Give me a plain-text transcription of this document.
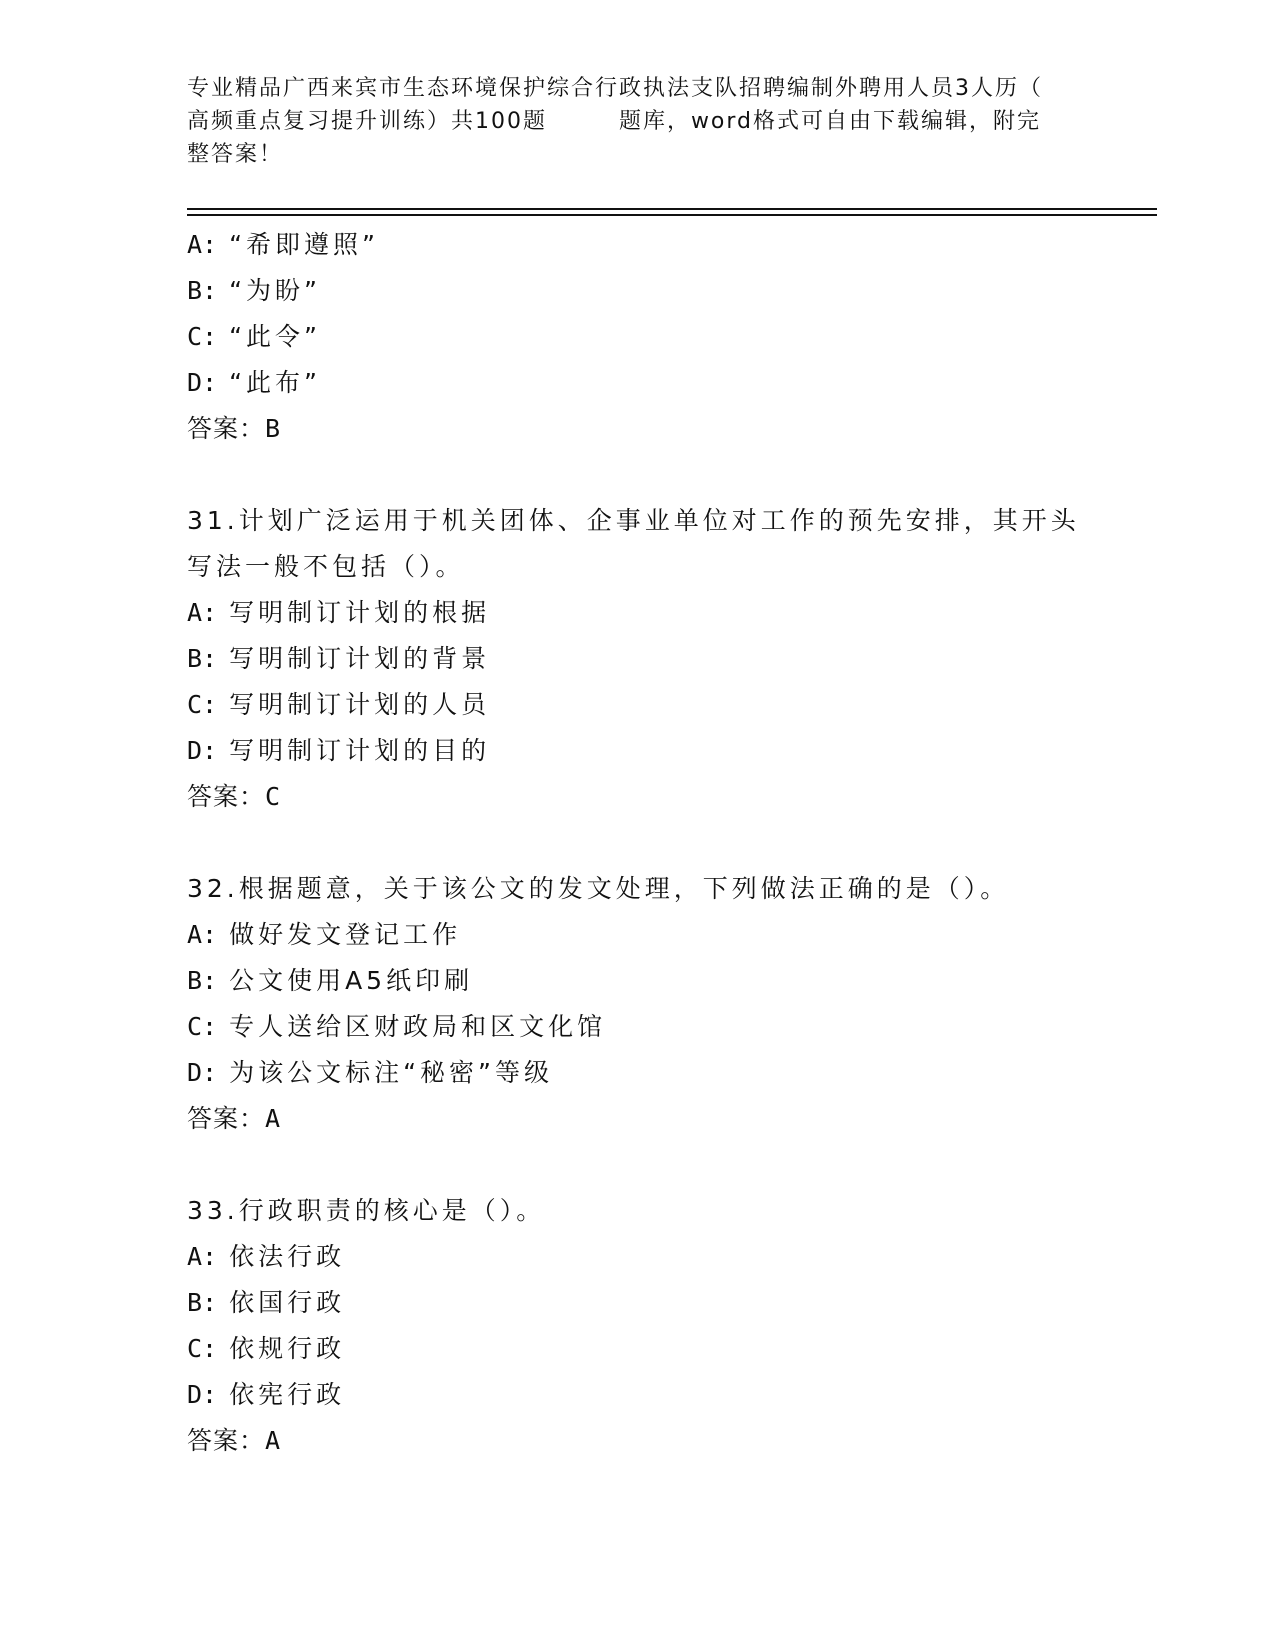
专业精品广西来宾市生态环境保护综合行政执法支队招聘编制外聘用人员3人历（
高频重点复习提升训练）共100题        题库，word格式可自由下载编辑，附完
整答案！
A: “希即遵照”
B: “为盼”
C: “此令”
D: “此布”
答案：B
31.计划广泛运用于机关团体、企事业单位对工作的预先安排，其开头
写法一般不包括（）。
A: 写明制订计划的根据
B: 写明制订计划的背景
C: 写明制订计划的人员
D: 写明制订计划的目的
答案：C
32.根据题意，关于该公文的发文处理，下列做法正确的是（）。
A: 做好发文登记工作
B: 公文使用A5纸印刷
C: 专人送给区财政局和区文化馆
D: 为该公文标注“秘密”等级
答案：A
33.行政职责的核心是（）。
A: 依法行政
B: 依国行政
C: 依规行政
D: 依宪行政
答案：A
